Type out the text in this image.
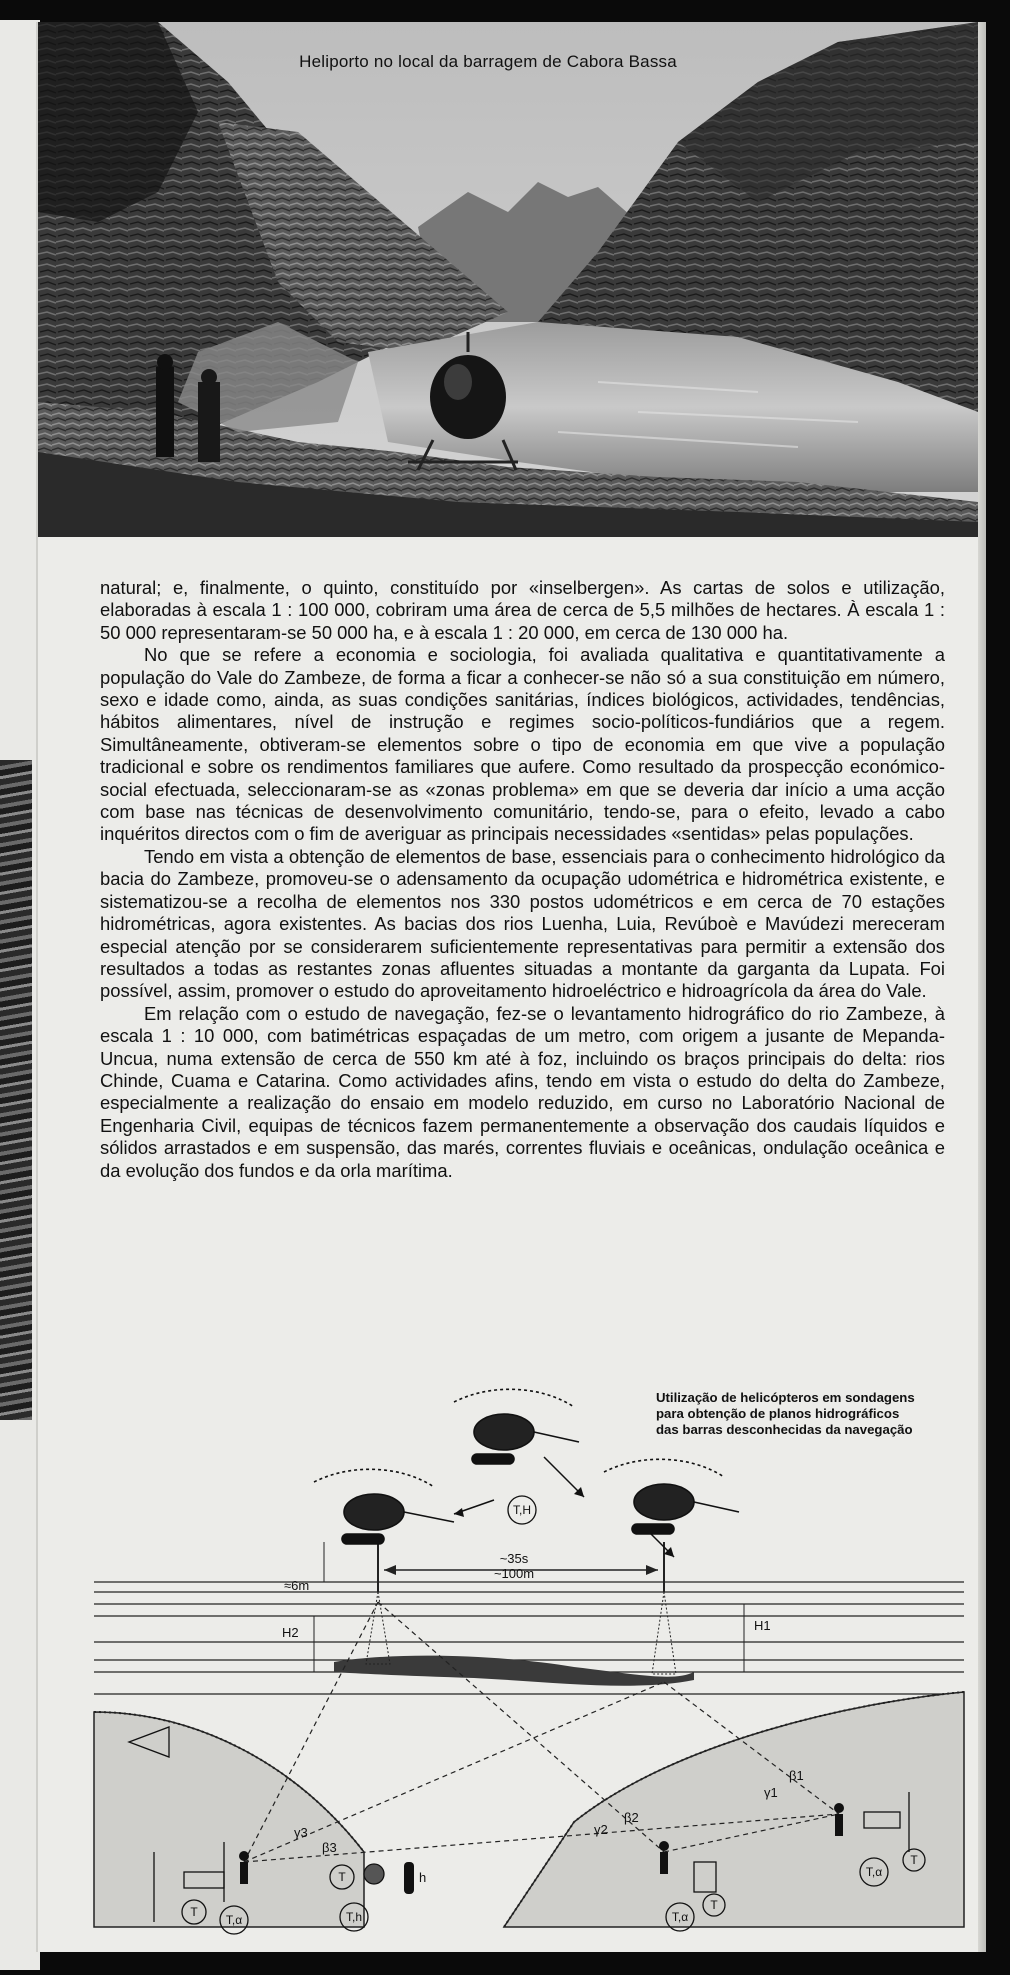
Heliporto no local da barragem de Cabora Bassa

natural; e, finalmente, o quinto, constituído por «inselbergen». As cartas de solos e utilização, elaboradas à escala 1 : 100 000, cobriram uma área de cerca de 5,5 milhões de hectares. À escala 1 : 50 000 representaram-se 50 000 ha, e à escala 1 : 20 000, em cerca de 130 000 ha.

No que se refere a economia e sociologia, foi avaliada qualitativa e quantitativamente a população do Vale do Zambeze, de forma a ficar a conhecer-se não só a sua constituição em número, sexo e idade como, ainda, as suas condições sanitárias, índices biológicos, actividades, tendências, hábitos alimentares, nível de instrução e regimes socio-políticos-fundiários que a regem. Simultâneamente, obtiveram-se elementos sobre o tipo de economia em que vive a população tradicional e sobre os rendimentos familiares que aufere. Como resultado da prospecção económico-social efectuada, seleccionaram-se as «zonas problema» em que se deveria dar início a uma acção com base nas técnicas de desenvolvimento comunitário, tendo-se, para o efeito, levado a cabo inquéritos directos com o fim de averiguar as principais necessidades «sentidas» pelas populações.

Tendo em vista a obtenção de elementos de base, essenciais para o conhecimento hidrológico da bacia do Zambeze, promoveu-se o adensamento da ocupação udométrica e hidrométrica existente, e sistematizou-se a recolha de elementos nos 330 postos udométricos e em cerca de 70 estações hidrométricas, agora existentes. As bacias dos rios Luenha, Luia, Revúboè e Mavúdezi mereceram especial atenção por se considerarem suficientemente representativas para permitir a extensão dos resultados a todas as restantes zonas afluentes situadas a montante da garganta da Lupata. Foi possível, assim, promover o estudo do aproveitamento hidroeléctrico e hidroagrícola da área do Vale.

Em relação com o estudo de navegação, fez-se o levantamento hidrográfico do rio Zambeze, à escala 1 : 10 000, com batimétricas espaçadas de um metro, com origem a jusante de Mepanda-Uncua, numa extensão de cerca de 550 km até à foz, incluindo os braços principais do delta: rios Chinde, Cuama e Catarina. Como actividades afins, tendo em vista o estudo do delta do Zambeze, especialmente a realização do ensaio em modelo reduzido, em curso no Laboratório Nacional de Engenharia Civil, equipas de técnicos fazem permanentemente a observação dos caudais líquidos e sólidos arrastados e em suspensão, das marés, correntes fluviais e oceânicas, ondulação oceânica e da evolução dos fundos e da orla marítima.

Utilização de helicópteros em sondagens
para obtenção de planos hidrográficos
das barras desconhecidas da navegação
~35s
~100m
≈6m
H2	H1
T,H
γ3
β3
γ2
β2
γ1
β1
T	h
T
T,α	T,h	T,α
T
T,α
T
